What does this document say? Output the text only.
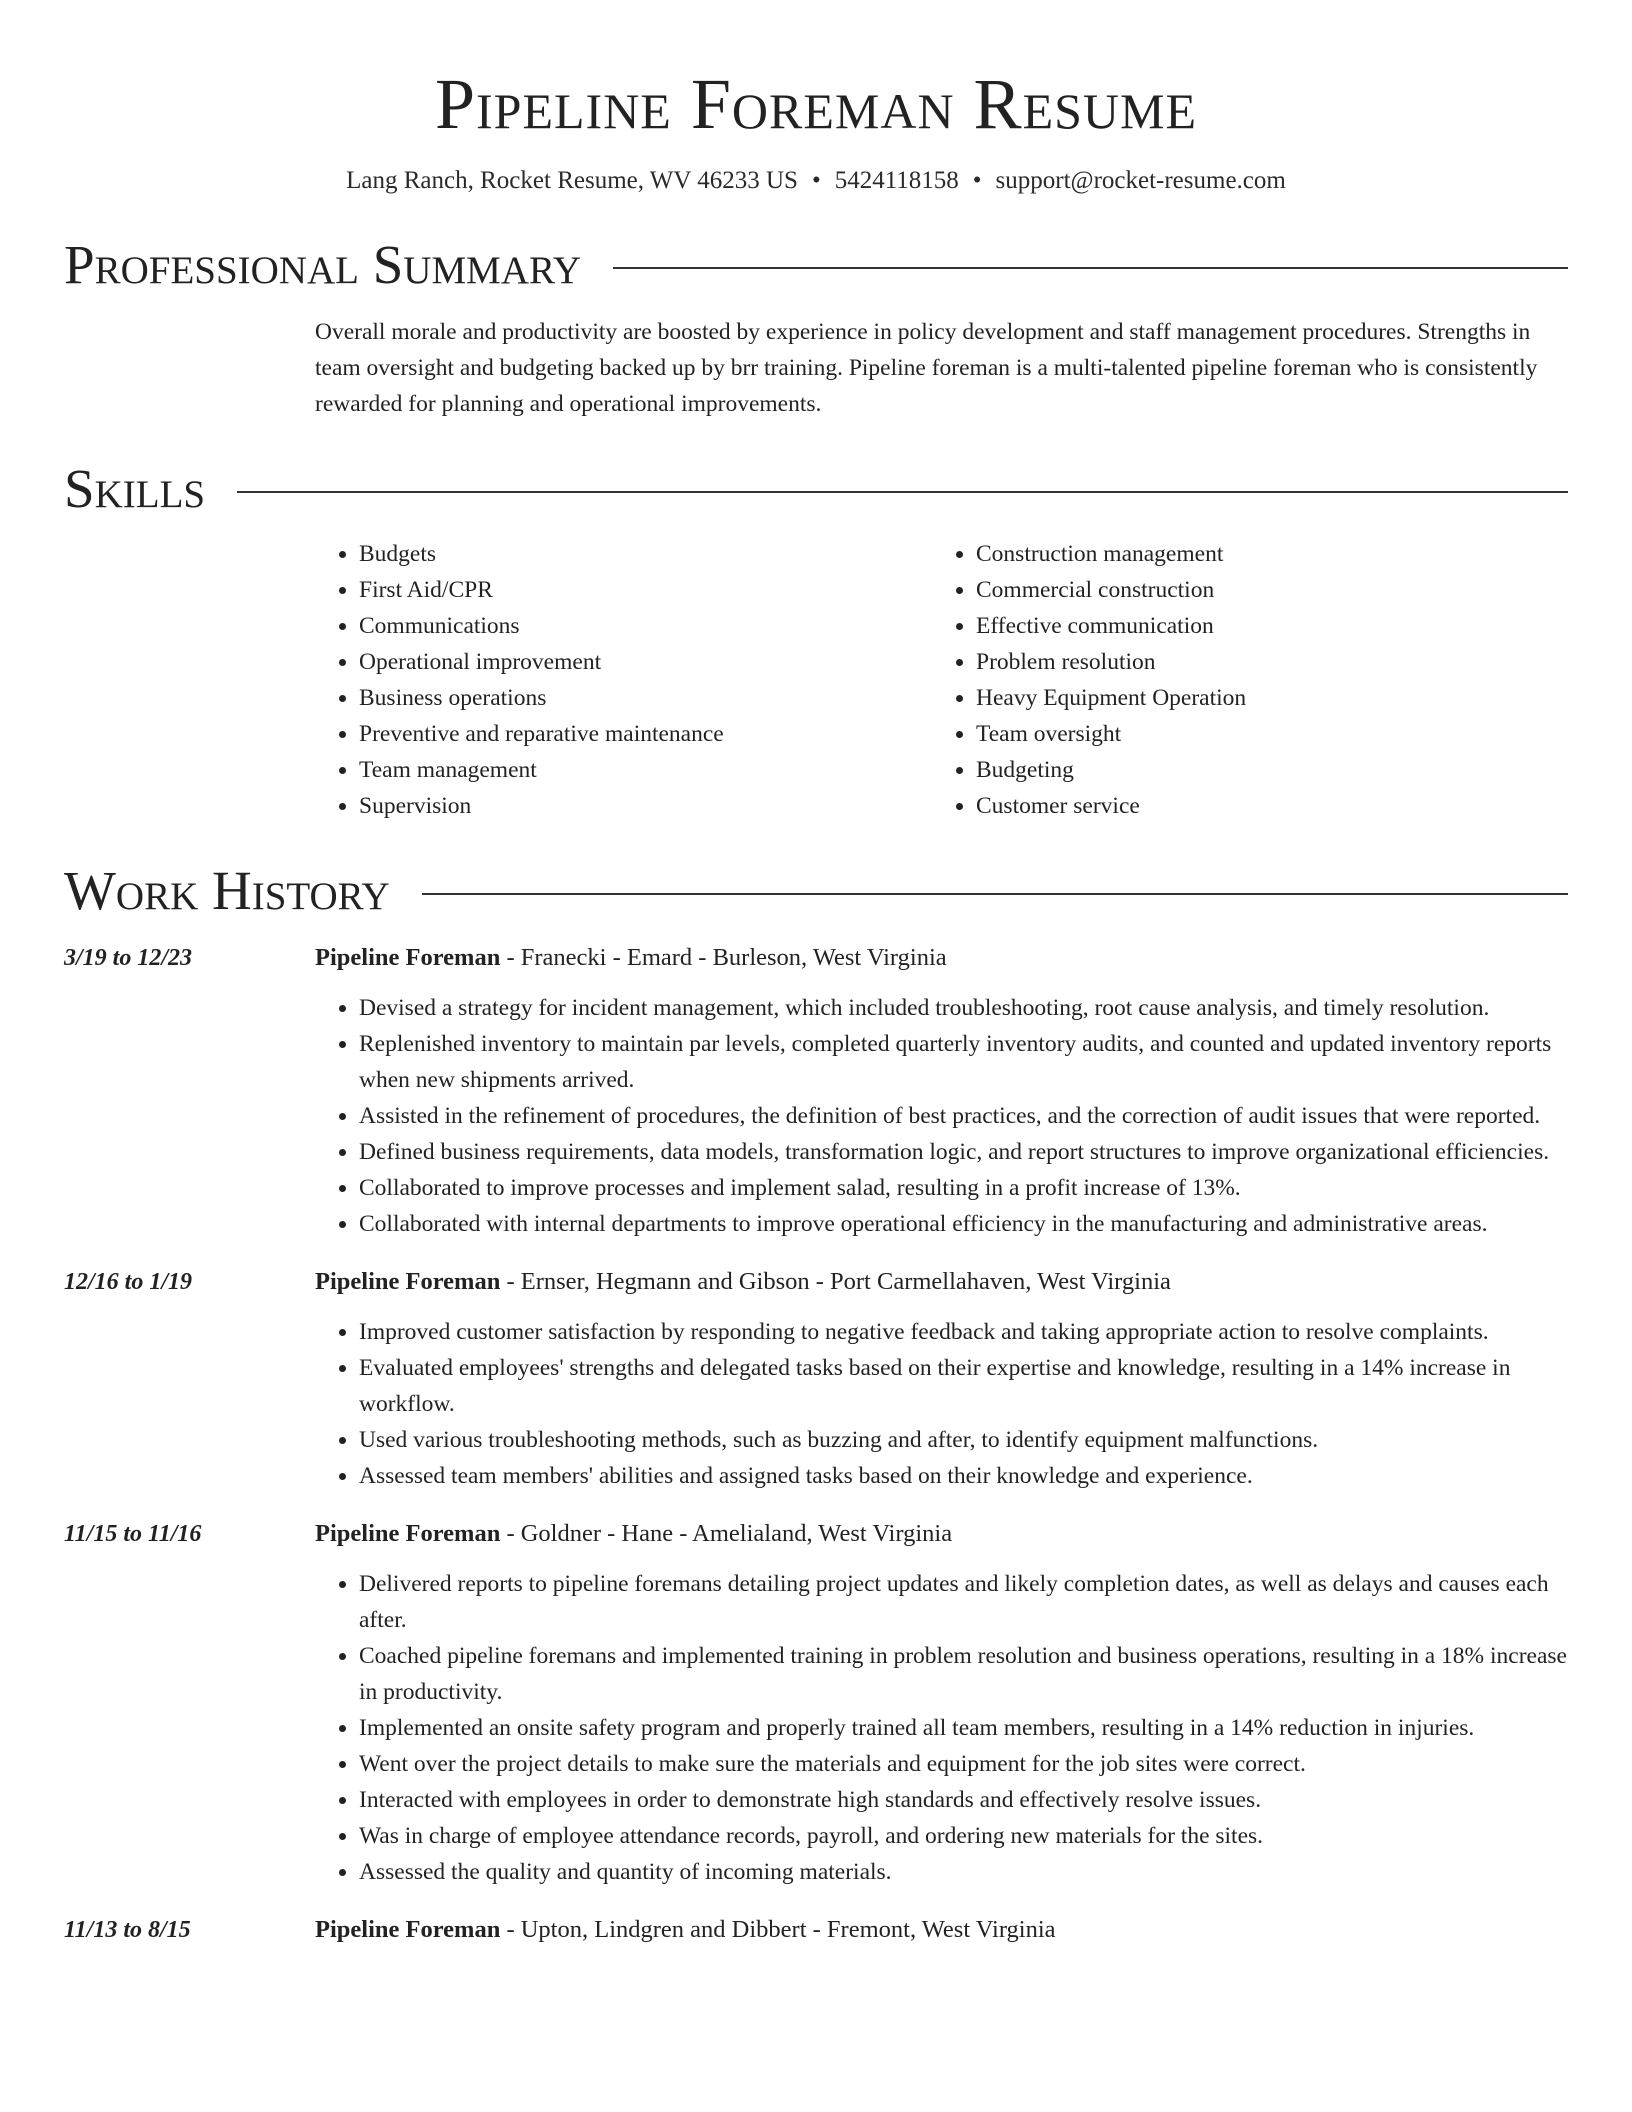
Pipeline Foreman Resume
Lang Ranch, Rocket Resume, WV 46233 US • 5424118158 • support@rocket-resume.com
Professional Summary
Overall morale and productivity are boosted by experience in policy development and staff management procedures. Strengths in team oversight and budgeting backed up by brr training. Pipeline foreman is a multi-talented pipeline foreman who is consistently rewarded for planning and operational improvements.
Skills
• Budgets
• First Aid/CPR
• Communications
• Operational improvement
• Business operations
• Preventive and reparative maintenance
• Team management
• Supervision
• Construction management
• Commercial construction
• Effective communication
• Problem resolution
• Heavy Equipment Operation
• Team oversight
• Budgeting
• Customer service
Work History
3/19 to 12/23	Pipeline Foreman - Franecki - Emard - Burleson, West Virginia
• Devised a strategy for incident management, which included troubleshooting, root cause analysis, and timely resolution.
• Replenished inventory to maintain par levels, completed quarterly inventory audits, and counted and updated inventory reports when new shipments arrived.
• Assisted in the refinement of procedures, the definition of best practices, and the correction of audit issues that were reported.
• Defined business requirements, data models, transformation logic, and report structures to improve organizational efficiencies.
• Collaborated to improve processes and implement salad, resulting in a profit increase of 13%.
• Collaborated with internal departments to improve operational efficiency in the manufacturing and administrative areas.
12/16 to 1/19	Pipeline Foreman - Ernser, Hegmann and Gibson - Port Carmellahaven, West Virginia
• Improved customer satisfaction by responding to negative feedback and taking appropriate action to resolve complaints.
• Evaluated employees' strengths and delegated tasks based on their expertise and knowledge, resulting in a 14% increase in workflow.
• Used various troubleshooting methods, such as buzzing and after, to identify equipment malfunctions.
• Assessed team members' abilities and assigned tasks based on their knowledge and experience.
11/15 to 11/16	Pipeline Foreman - Goldner - Hane - Amelialand, West Virginia
• Delivered reports to pipeline foremans detailing project updates and likely completion dates, as well as delays and causes each after.
• Coached pipeline foremans and implemented training in problem resolution and business operations, resulting in a 18% increase in productivity.
• Implemented an onsite safety program and properly trained all team members, resulting in a 14% reduction in injuries.
• Went over the project details to make sure the materials and equipment for the job sites were correct.
• Interacted with employees in order to demonstrate high standards and effectively resolve issues.
• Was in charge of employee attendance records, payroll, and ordering new materials for the sites.
• Assessed the quality and quantity of incoming materials.
11/13 to 8/15	Pipeline Foreman - Upton, Lindgren and Dibbert - Fremont, West Virginia
